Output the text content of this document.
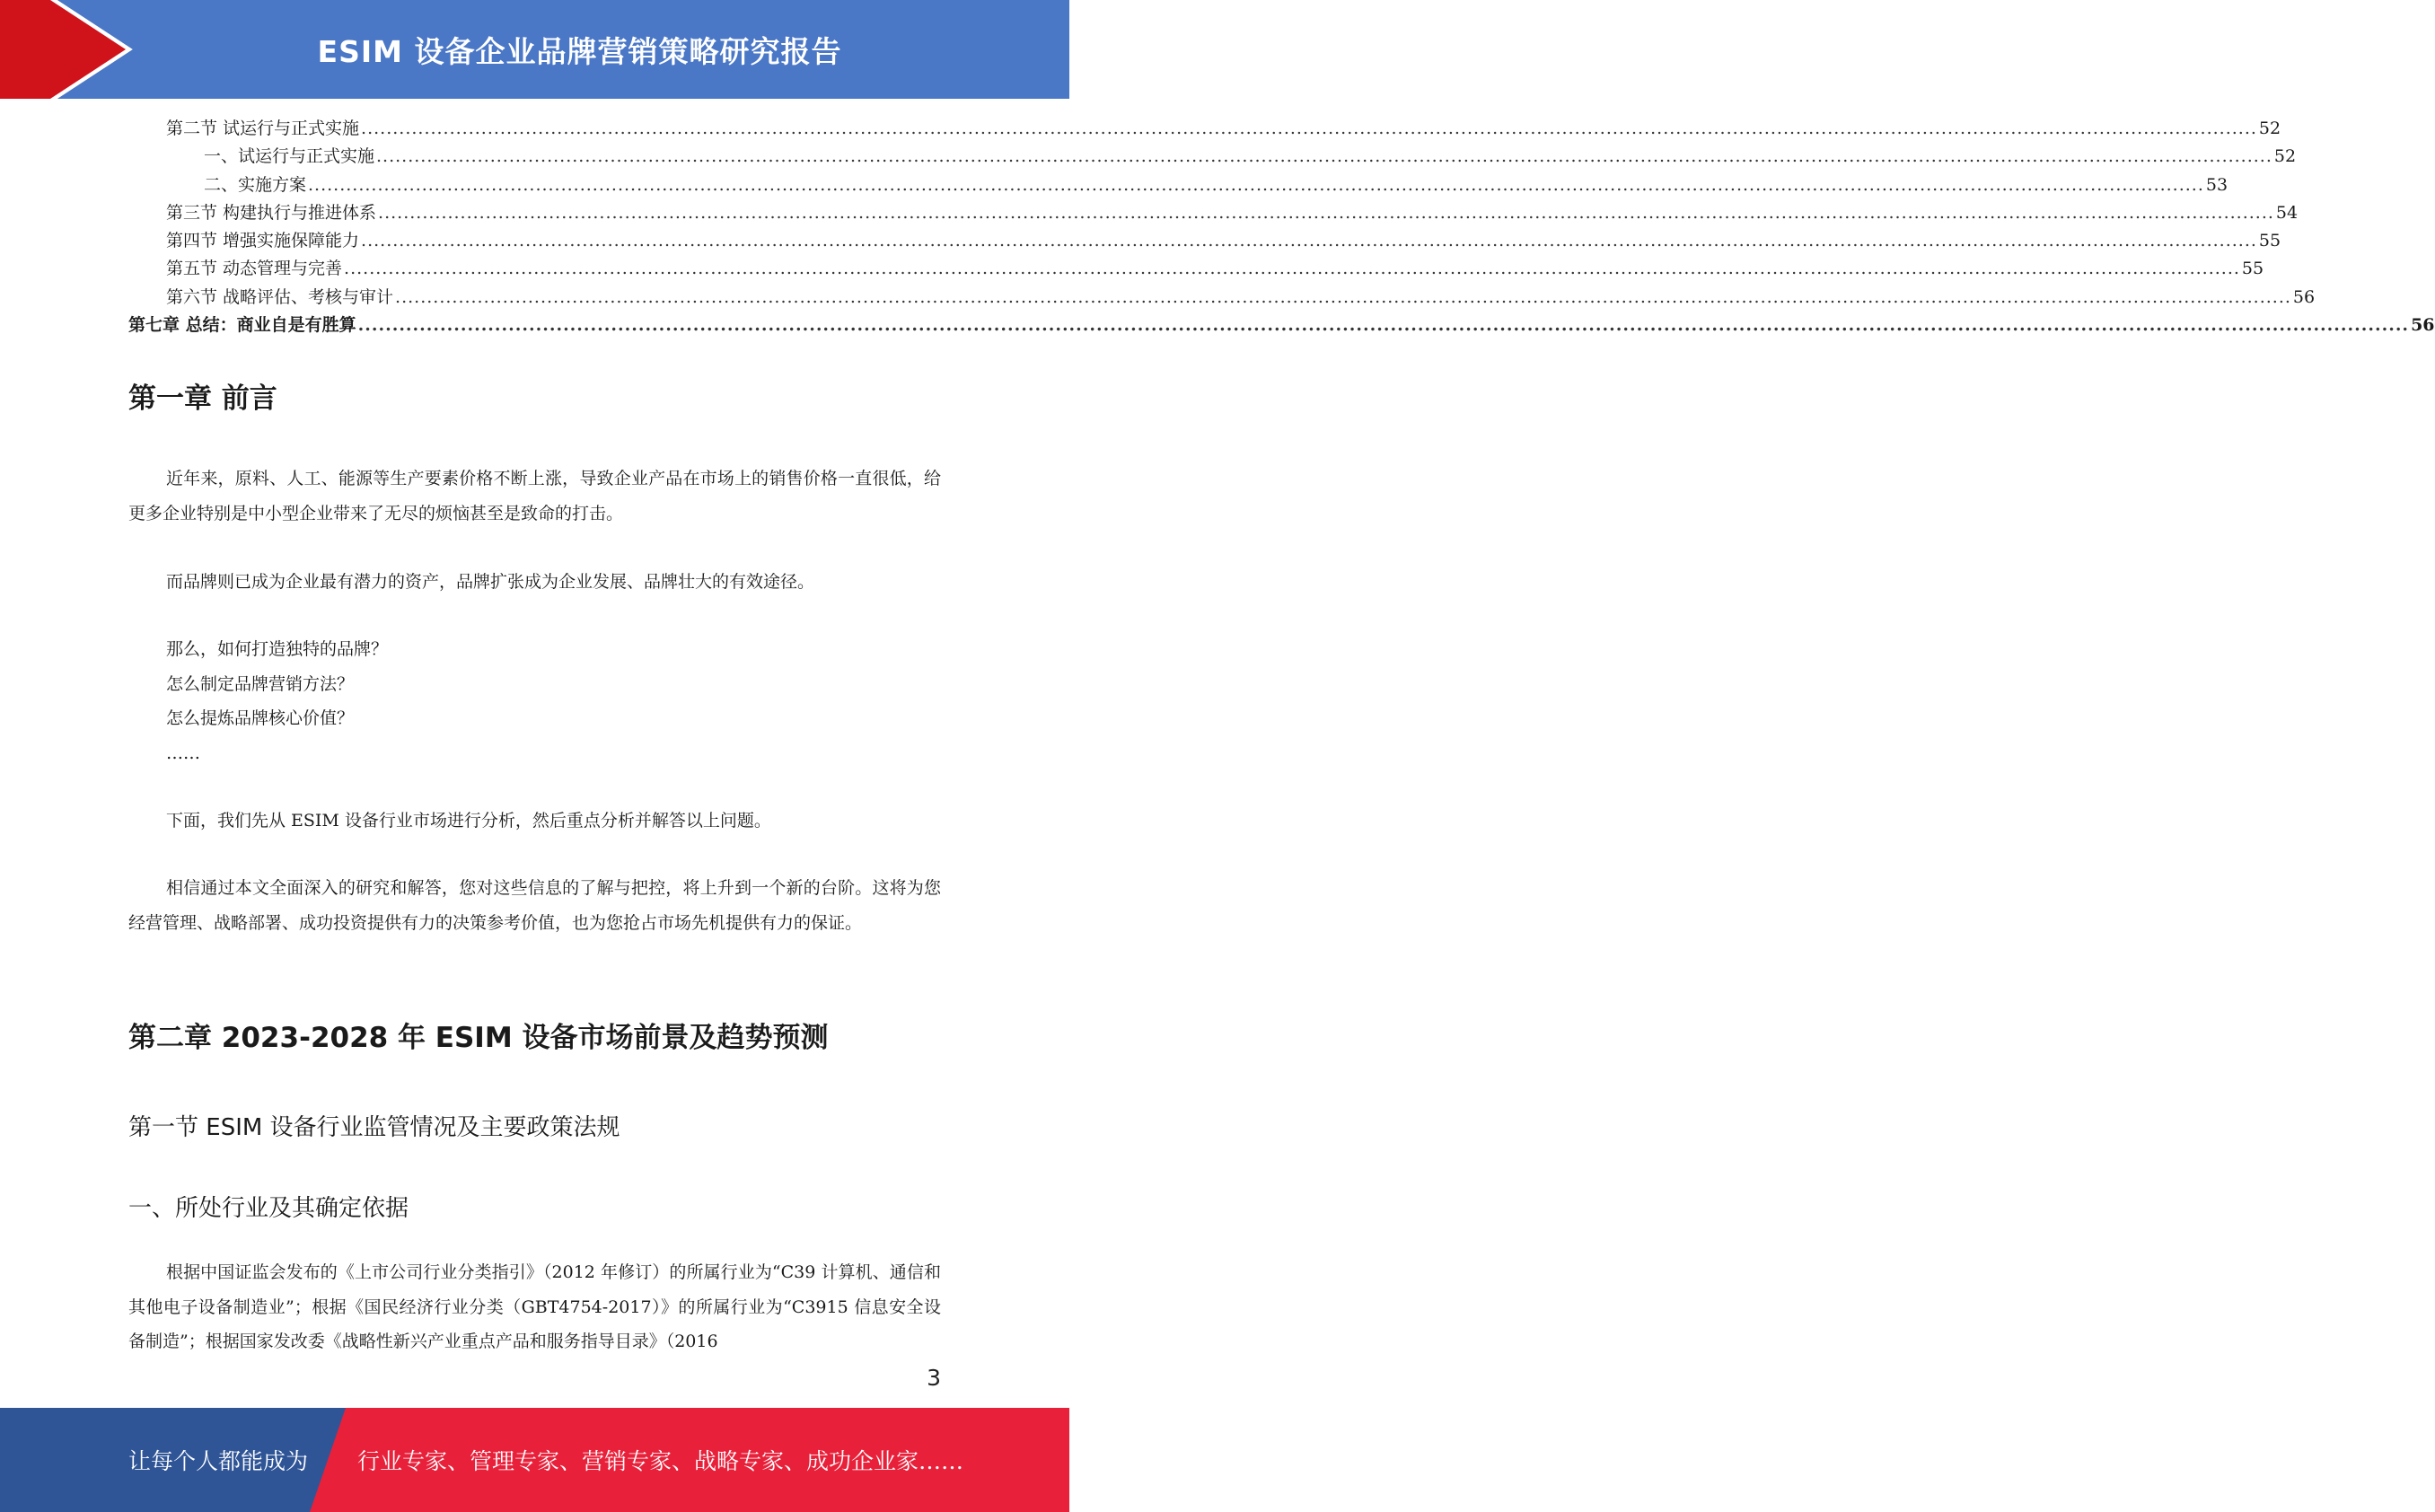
ESIM 设备企业品牌营销策略研究报告
第二节 试运行与正式实施 ............................................................................................................................................................................................................................................................................................................ 52
一、试运行与正式实施 ............................................................................................................................................................................................................................................................................................................ 52
二、实施方案 ............................................................................................................................................................................................................................................................................................................ 53
第三节 构建执行与推进体系 ............................................................................................................................................................................................................................................................................................................ 54
第四节 增强实施保障能力 ............................................................................................................................................................................................................................................................................................................ 55
第五节 动态管理与完善 ............................................................................................................................................................................................................................................................................................................ 55
第六节 战略评估、考核与审计 ............................................................................................................................................................................................................................................................................................................ 56
第七章 总结：商业自是有胜算 ............................................................................................................................................................................................................................................................................................................ 56
第一章 前言

近年来，原料、人工、能源等生产要素价格不断上涨，导致企业产品在市场上的销售价格一直很低，给更多企业特别是中小型企业带来了无尽的烦恼甚至是致命的打击。

而品牌则已成为企业最有潜力的资产，品牌扩张成为企业发展、品牌壮大的有效途径。

那么，如何打造独特的品牌？
怎么制定品牌营销方法？
怎么提炼品牌核心价值？
……

下面，我们先从 ESIM 设备行业市场进行分析，然后重点分析并解答以上问题。

相信通过本文全面深入的研究和解答，您对这些信息的了解与把控，将上升到一个新的台阶。这将为您经营管理、战略部署、成功投资提供有力的决策参考价值，也为您抢占市场先机提供有力的保证。

第二章 2023-2028 年 ESIM 设备市场前景及趋势预测
第一节 ESIM 设备行业监管情况及主要政策法规
一、所处行业及其确定依据

根据中国证监会发布的《上市公司行业分类指引》（2012 年修订）的所属行业为“C39 计算机、通信和其他电子设备制造业”；根据《国民经济行业分类（GBT4754-2017）》的所属行业为“C3915 信息安全设备制造”；根据国家发改委《战略性新兴产业重点产品和服务指导目录》（2016

3
让每个人都能成为 行业专家、管理专家、营销专家、战略专家、成功企业家……
